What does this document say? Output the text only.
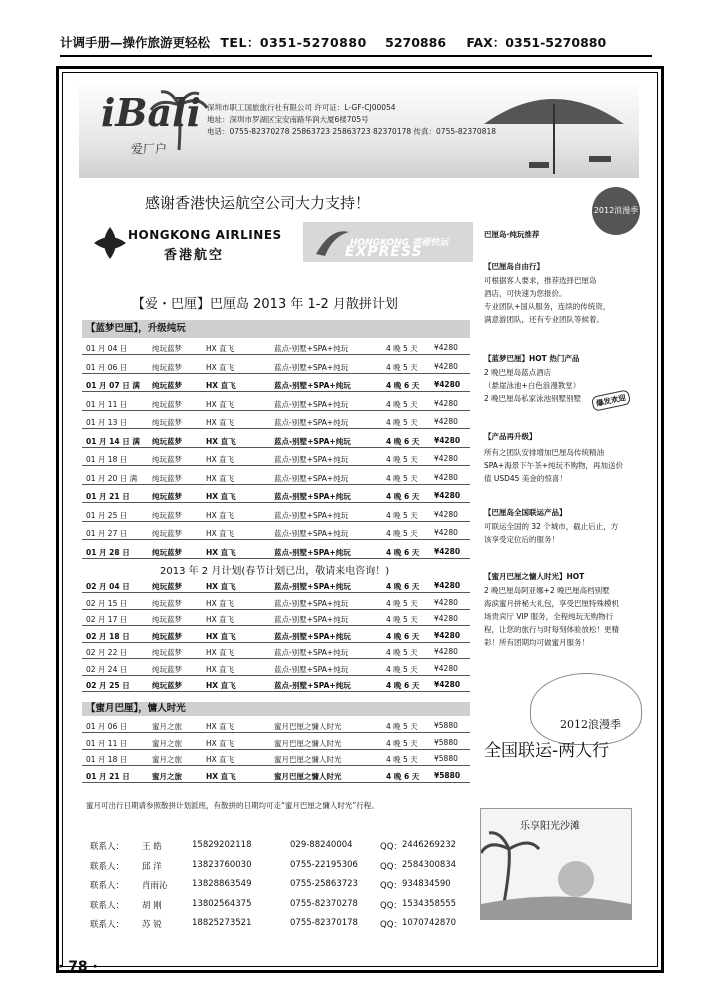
计调手册—操作旅游更轻松 TEL：0351-5270880 5270886 FAX：0351-5270880
iBali
爱厂户
深圳市职工国旅旅行社有限公司 许可证：L-GF-CJ00054
地址：深圳市罗湖区宝安南路华润大厦6楼705号
电话：0755-82370278 25863723 25863723 82370178 传真：0755-82370818
感谢香港快运航空公司大力支持！
HONGKONG AIRLINES
香港航空
HONGKONG 香港快运
EXPRESS
【爱・巴厘】巴厘岛 2013 年 1-2 月散拼计划
【蓝梦巴厘】，升级纯玩
01 月 04 日	纯玩蓝梦	HX 直飞	蓝点-别墅+SPA+纯玩	4 晚 5 天 ¥4280
01 月 06 日	纯玩蓝梦	HX 直飞	蓝点-别墅+SPA+纯玩	4 晚 5 天 ¥4280
01 月 07 日 满 纯玩蓝梦	HX 直飞	蓝点-别墅+SPA+纯玩	4 晚 6 天 ¥4280
01 月 11 日	纯玩蓝梦	HX 直飞	蓝点-别墅+SPA+纯玩	4 晚 5 天 ¥4280
01 月 13 日	纯玩蓝梦	HX 直飞	蓝点-别墅+SPA+纯玩	4 晚 5 天 ¥4280
01 月 14 日 满 纯玩蓝梦	HX 直飞	蓝点-别墅+SPA+纯玩	4 晚 6 天 ¥4280
01 月 18 日	纯玩蓝梦	HX 直飞	蓝点-别墅+SPA+纯玩	4 晚 5 天 ¥4280
01 月 20 日 满 纯玩蓝梦	HX 直飞	蓝点-别墅+SPA+纯玩	4 晚 5 天 ¥4280
01 月 21 日	纯玩蓝梦	HX 直飞	蓝点-别墅+SPA+纯玩	4 晚 6 天 ¥4280
01 月 25 日	纯玩蓝梦	HX 直飞	蓝点-别墅+SPA+纯玩	4 晚 5 天 ¥4280
01 月 27 日	纯玩蓝梦	HX 直飞	蓝点-别墅+SPA+纯玩	4 晚 5 天 ¥4280
01 月 28 日	纯玩蓝梦	HX 直飞	蓝点-别墅+SPA+纯玩	4 晚 6 天 ¥4280
2013 年 2 月计划(春节计划已出，敬请来电咨询！)
02 月 04 日	纯玩蓝梦	HX 直飞	蓝点-别墅+SPA+纯玩	4 晚 6 天 ¥4280
02 月 15 日	纯玩蓝梦	HX 直飞	蓝点-别墅+SPA+纯玩	4 晚 5 天 ¥4280
02 月 17 日	纯玩蓝梦	HX 直飞	蓝点-别墅+SPA+纯玩	4 晚 5 天 ¥4280
02 月 18 日	纯玩蓝梦	HX 直飞	蓝点-别墅+SPA+纯玩	4 晚 6 天 ¥4280
02 月 22 日	纯玩蓝梦	HX 直飞	蓝点-别墅+SPA+纯玩	4 晚 5 天 ¥4280
02 月 24 日	纯玩蓝梦	HX 直飞	蓝点-别墅+SPA+纯玩	4 晚 5 天 ¥4280
02 月 25 日	纯玩蓝梦	HX 直飞	蓝点-别墅+SPA+纯玩	4 晚 6 天 ¥4280
【蜜月巴厘】，慵人时光
01 月 06 日	蜜月之旅	HX 直飞	蜜月巴厘之慵人时光	4 晚 5 天 ¥5880
01 月 11 日	蜜月之旅	HX 直飞	蜜月巴厘之慵人时光	4 晚 5 天 ¥5880
01 月 18 日	蜜月之旅	HX 直飞	蜜月巴厘之慵人时光	4 晚 5 天 ¥5880
01 月 21 日	蜜月之旅	HX 直飞	蜜月巴厘之慵人时光	4 晚 6 天 ¥5880
蜜月可出行日期请参照散拼计划派班，有散拼的日期均可走“蜜月巴厘之慵人时光”行程。
联系人： 王 皓	15829202118	029-88240004	QQ： 2446269232
联系人： 邱 洋	13823760030	0755-22195306	QQ： 2584300834
联系人： 肖雨沁	13828863549	0755-25863723	QQ： 934834590
联系人： 胡 刚	13802564375	0755-82370278	QQ： 1534358555
联系人： 苏 锐	18825273521	0755-82370178	QQ： 1070742870
2012浪漫季
巴厘岛·纯玩推荐
【巴厘岛自由行】
可根据客人要求，推荐选择巴厘岛
酒店，可快速为您报价。
专业团队+国从服务，连续的传统资，
满意游团队，还有专业团队等候着。
【蓝梦巴厘】HOT 热门产品
2 晚巴厘岛蓝点酒店
（悬崖泳池+白色浪漫教堂）
2 晚巴厘岛私家泳池别墅别墅	爆发欢迎
【产品再升级】
所有之团队安排增加巴厘岛传统精油
SPA+海景下午茶+纯玩不购物，再加送价
值 USD45 美金的惊喜！
【巴厘岛全国联运产品】
可联运全国的 32 个城市，截止后止，方
该享受定位后的服务！
【蜜月巴厘之慵人时光】HOT
2 晚巴厘岛阿亚娜+2 晚巴厘高档别墅
海滨蜜月拼秘大礼包，享受巴厘特殊模机
场贵宾厅 VIP 服务，全程纯玩无购物行
程，让您的旅行与时每刻体验放松！更精
彩！所有团期均可做蜜月服务！
2012浪漫季
全国联运-两人行
乐享阳光沙滩
· 78 ·
